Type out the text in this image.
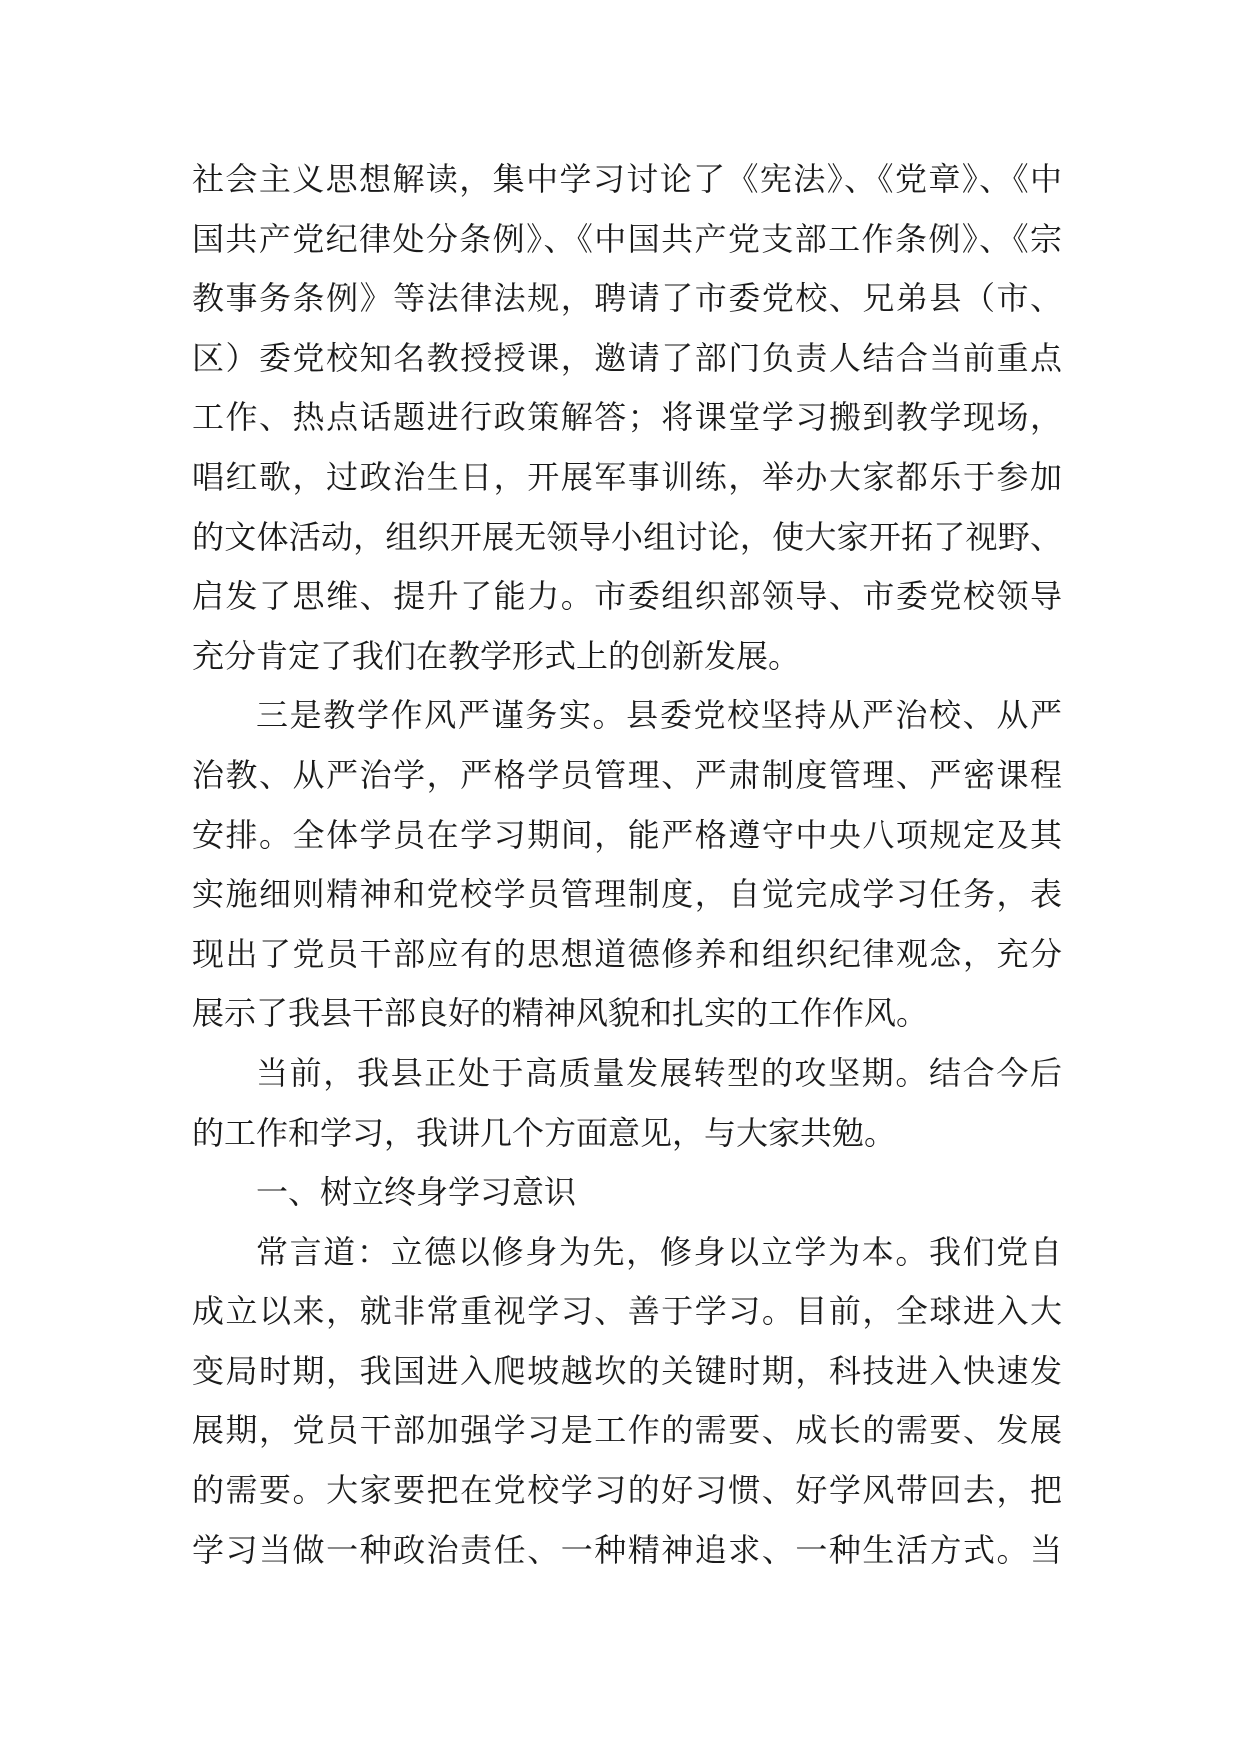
社会主义思想解读，集中学习讨论了《宪法》、《党章》、《中
国共产党纪律处分条例》、《中国共产党支部工作条例》、《宗
教事务条例》等法律法规，聘请了市委党校、兄弟县（市、
区）委党校知名教授授课，邀请了部门负责人结合当前重点
工作、热点话题进行政策解答；将课堂学习搬到教学现场，
唱红歌，过政治生日，开展军事训练，举办大家都乐于参加
的文体活动，组织开展无领导小组讨论，使大家开拓了视野、
启发了思维、提升了能力。市委组织部领导、市委党校领导
充分肯定了我们在教学形式上的创新发展。
三是教学作风严谨务实。县委党校坚持从严治校、从严
治教、从严治学，严格学员管理、严肃制度管理、严密课程
安排。全体学员在学习期间，能严格遵守中央八项规定及其
实施细则精神和党校学员管理制度，自觉完成学习任务，表
现出了党员干部应有的思想道德修养和组织纪律观念，充分
展示了我县干部良好的精神风貌和扎实的工作作风。
当前，我县正处于高质量发展转型的攻坚期。结合今后
的工作和学习，我讲几个方面意见，与大家共勉。
一、树立终身学习意识
常言道：立德以修身为先，修身以立学为本。我们党自
成立以来，就非常重视学习、善于学习。目前，全球进入大
变局时期，我国进入爬坡越坎的关键时期，科技进入快速发
展期，党员干部加强学习是工作的需要、成长的需要、发展
的需要。大家要把在党校学习的好习惯、好学风带回去，把
学习当做一种政治责任、一种精神追求、一种生活方式。当
